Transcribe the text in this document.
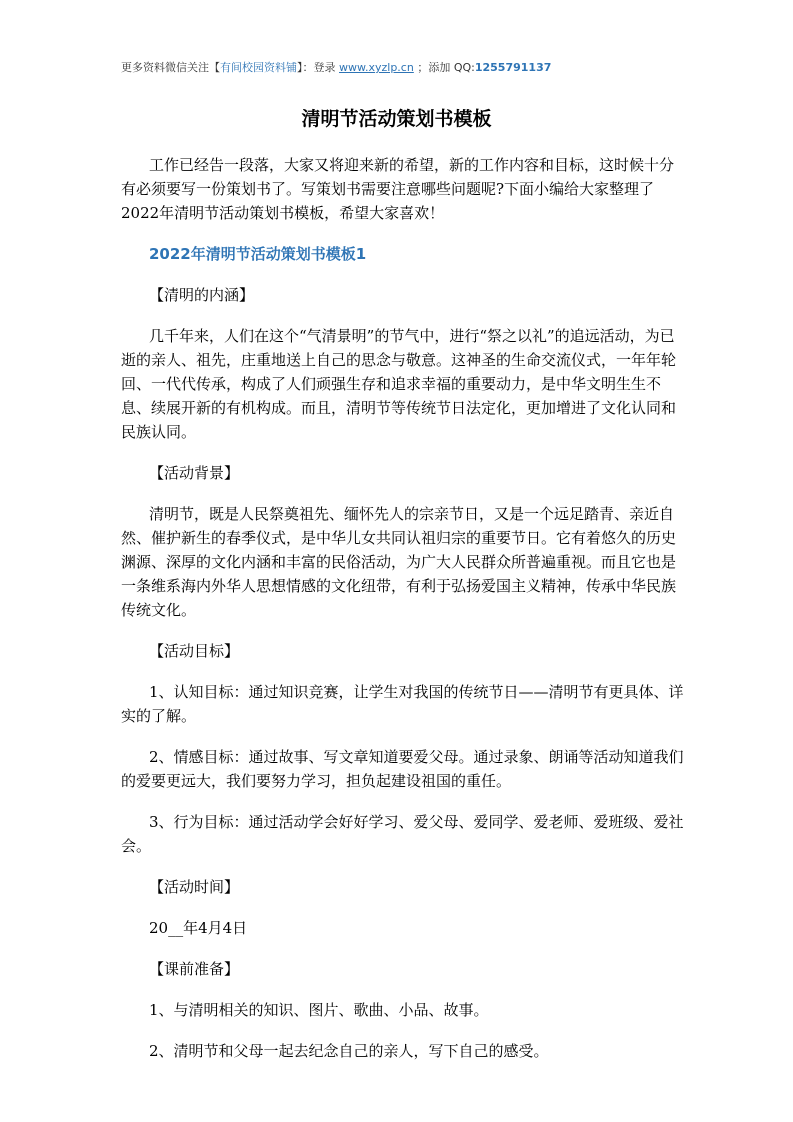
更多资料微信关注【有间校园资料铺】：登录 www.xyzlp.cn ；添加 QQ:1255791137
清明节活动策划书模板

工作已经告一段落，大家又将迎来新的希望，新的工作内容和目标，这时候十分有必须要写一份策划书了。写策划书需要注意哪些问题呢?下面小编给大家整理了2022年清明节活动策划书模板，希望大家喜欢！

2022年清明节活动策划书模板1

【清明的内涵】

几千年来，人们在这个“气清景明”的节气中，进行“祭之以礼”的追远活动，为已逝的亲人、祖先，庄重地送上自己的思念与敬意。这神圣的生命交流仪式，一年年轮回、一代代传承，构成了人们顽强生存和追求幸福的重要动力，是中华文明生生不息、续展开新的有机构成。而且，清明节等传统节日法定化，更加增进了文化认同和民族认同。

【活动背景】

清明节，既是人民祭奠祖先、缅怀先人的宗亲节日，又是一个远足踏青、亲近自然、催护新生的春季仪式，是中华儿女共同认祖归宗的重要节日。它有着悠久的历史渊源、深厚的文化内涵和丰富的民俗活动，为广大人民群众所普遍重视。而且它也是一条维系海内外华人思想情感的文化纽带，有利于弘扬爱国主义精神，传承中华民族传统文化。

【活动目标】

1、认知目标：通过知识竞赛，让学生对我国的传统节日——清明节有更具体、详实的了解。

2、情感目标：通过故事、写文章知道要爱父母。通过录象、朗诵等活动知道我们的爱要更远大，我们要努力学习，担负起建设祖国的重任。

3、行为目标：通过活动学会好好学习、爱父母、爱同学、爱老师、爱班级、爱社会。

【活动时间】

20__年4月4日

【课前准备】

1、与清明相关的知识、图片、歌曲、小品、故事。

2、清明节和父母一起去纪念自己的亲人，写下自己的感受。
